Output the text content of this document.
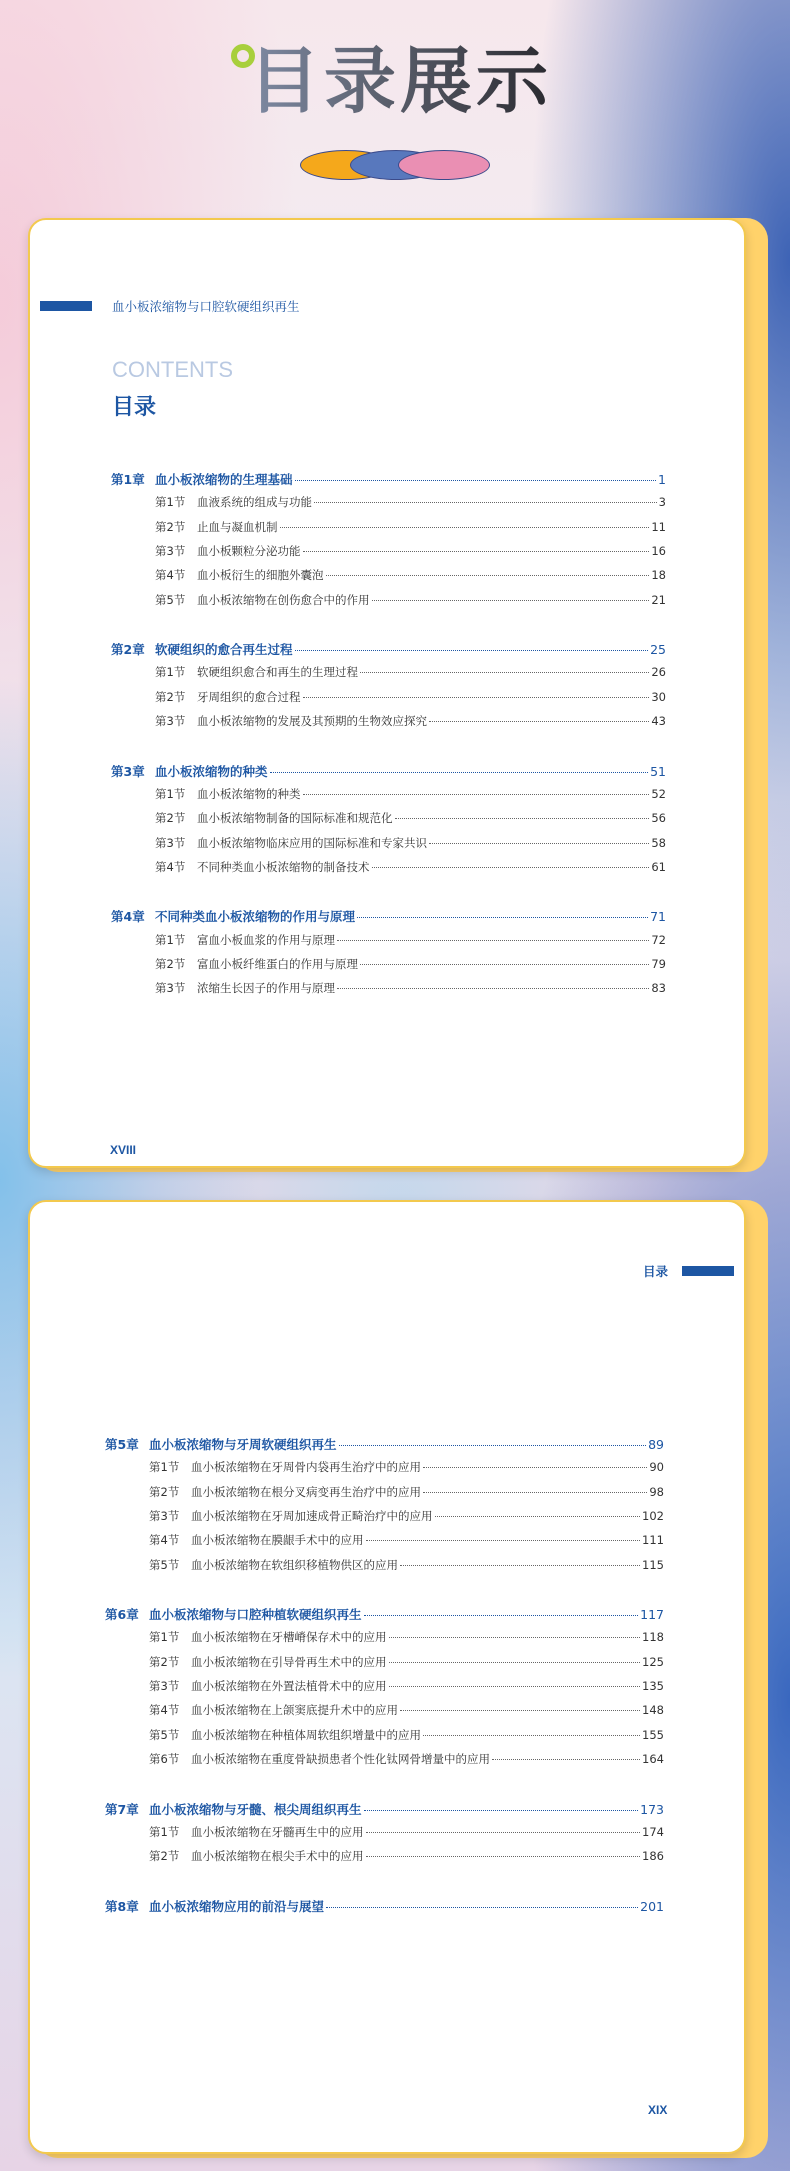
目录展示
血小板浓缩物与口腔软硬组织再生
CONTENTS
目录
第1章 血小板浓缩物的生理基础	1
第1节	血液系统的组成与功能	3
第2节	止血与凝血机制	11
第3节	血小板颗粒分泌功能	16
第4节	血小板衍生的细胞外囊泡	18
第5节	血小板浓缩物在创伤愈合中的作用	21
第2章 软硬组织的愈合再生过程	25
第1节	软硬组织愈合和再生的生理过程	26
第2节	牙周组织的愈合过程	30
第3节	血小板浓缩物的发展及其预期的生物效应探究	43
第3章 血小板浓缩物的种类	51
第1节	血小板浓缩物的种类	52
第2节	血小板浓缩物制备的国际标准和规范化	56
第3节	血小板浓缩物临床应用的国际标准和专家共识	58
第4节	不同种类血小板浓缩物的制备技术	61
第4章 不同种类血小板浓缩物的作用与原理	71
第1节	富血小板血浆的作用与原理	72
第2节	富血小板纤维蛋白的作用与原理	79
第3节	浓缩生长因子的作用与原理	83
XVIII
目录
第5章 血小板浓缩物与牙周软硬组织再生	89
第1节	血小板浓缩物在牙周骨内袋再生治疗中的应用	90
第2节	血小板浓缩物在根分叉病变再生治疗中的应用	98
第3节	血小板浓缩物在牙周加速成骨正畸治疗中的应用	102
第4节	血小板浓缩物在膜龈手术中的应用	111
第5节	血小板浓缩物在软组织移植物供区的应用	115
第6章 血小板浓缩物与口腔种植软硬组织再生	117
第1节	血小板浓缩物在牙槽嵴保存术中的应用	118
第2节	血小板浓缩物在引导骨再生术中的应用	125
第3节	血小板浓缩物在外置法植骨术中的应用	135
第4节	血小板浓缩物在上颌窦底提升术中的应用	148
第5节	血小板浓缩物在种植体周软组织增量中的应用	155
第6节	血小板浓缩物在重度骨缺损患者个性化钛网骨增量中的应用	164
第7章 血小板浓缩物与牙髓、根尖周组织再生	173
第1节	血小板浓缩物在牙髓再生中的应用	174
第2节	血小板浓缩物在根尖手术中的应用	186
第8章 血小板浓缩物应用的前沿与展望	201
XIX
